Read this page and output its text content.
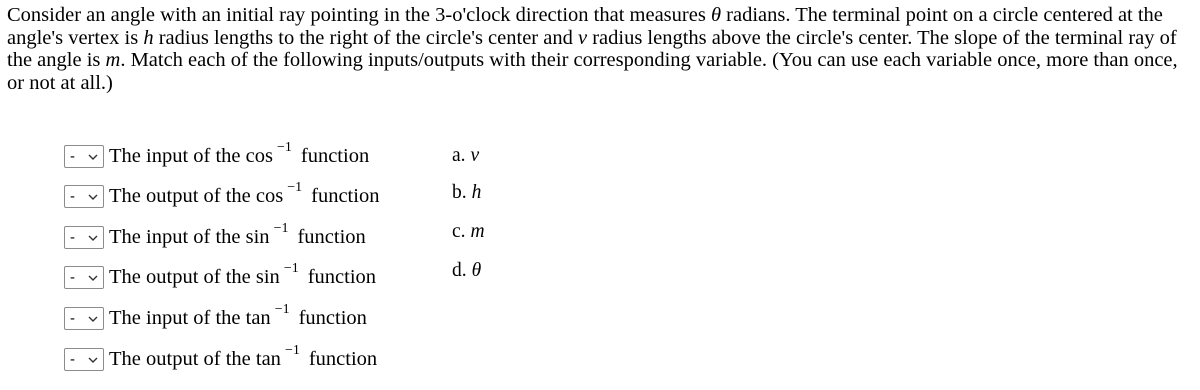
Consider an angle with an initial ray pointing in the 3-o'clock direction that measures θ radians. The terminal point on a circle centered at the angle's vertex is h radius lengths to the right of the circle's center and v radius lengths above the circle's center. The slope of the terminal ray of the angle is m. Match each of the following inputs/outputs with their corresponding variable. (You can use each variable once, more than once, or not at all.)
- The input of the cos $^{-1}$ function
- The output of the cos $^{-1}$ function
- The input of the sin $^{-1}$ function
- The output of the sin $^{-1}$ function
- The input of the tan $^{-1}$ function
- The output of the tan $^{-1}$ function
a. v
b. h
c. m
d. θ
